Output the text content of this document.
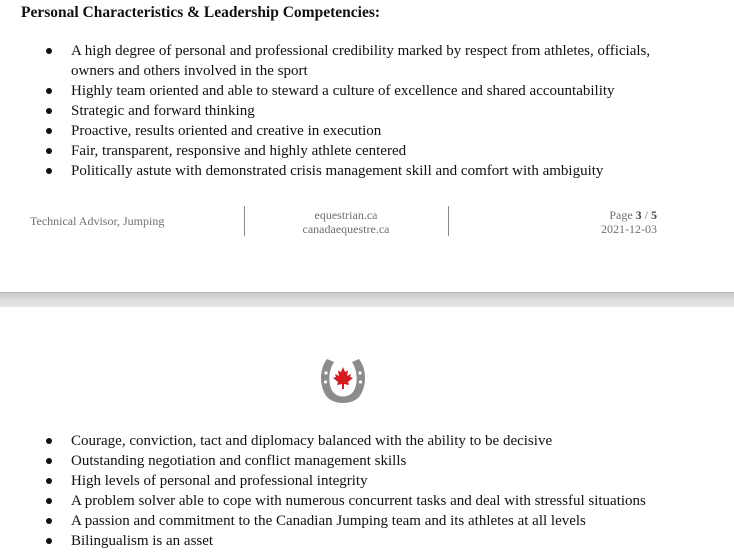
Personal Characteristics & Leadership Competencies:
A high degree of personal and professional credibility marked by respect from athletes, officials, owners and others involved in the sport
Highly team oriented and able to steward a culture of excellence and shared accountability
Strategic and forward thinking
Proactive, results oriented and creative in execution
Fair, transparent, responsive and highly athlete centered
Politically astute with demonstrated crisis management skill and comfort with ambiguity
Technical Advisor, Jumping	equestrian.ca
canadaequestre.ca
Page 3 / 5
2021-12-03
Courage, conviction, tact and diplomacy balanced with the ability to be decisive
Outstanding negotiation and conflict management skills
High levels of personal and professional integrity
A problem solver able to cope with numerous concurrent tasks and deal with stressful situations
A passion and commitment to the Canadian Jumping team and its athletes at all levels
Bilingualism is an asset
